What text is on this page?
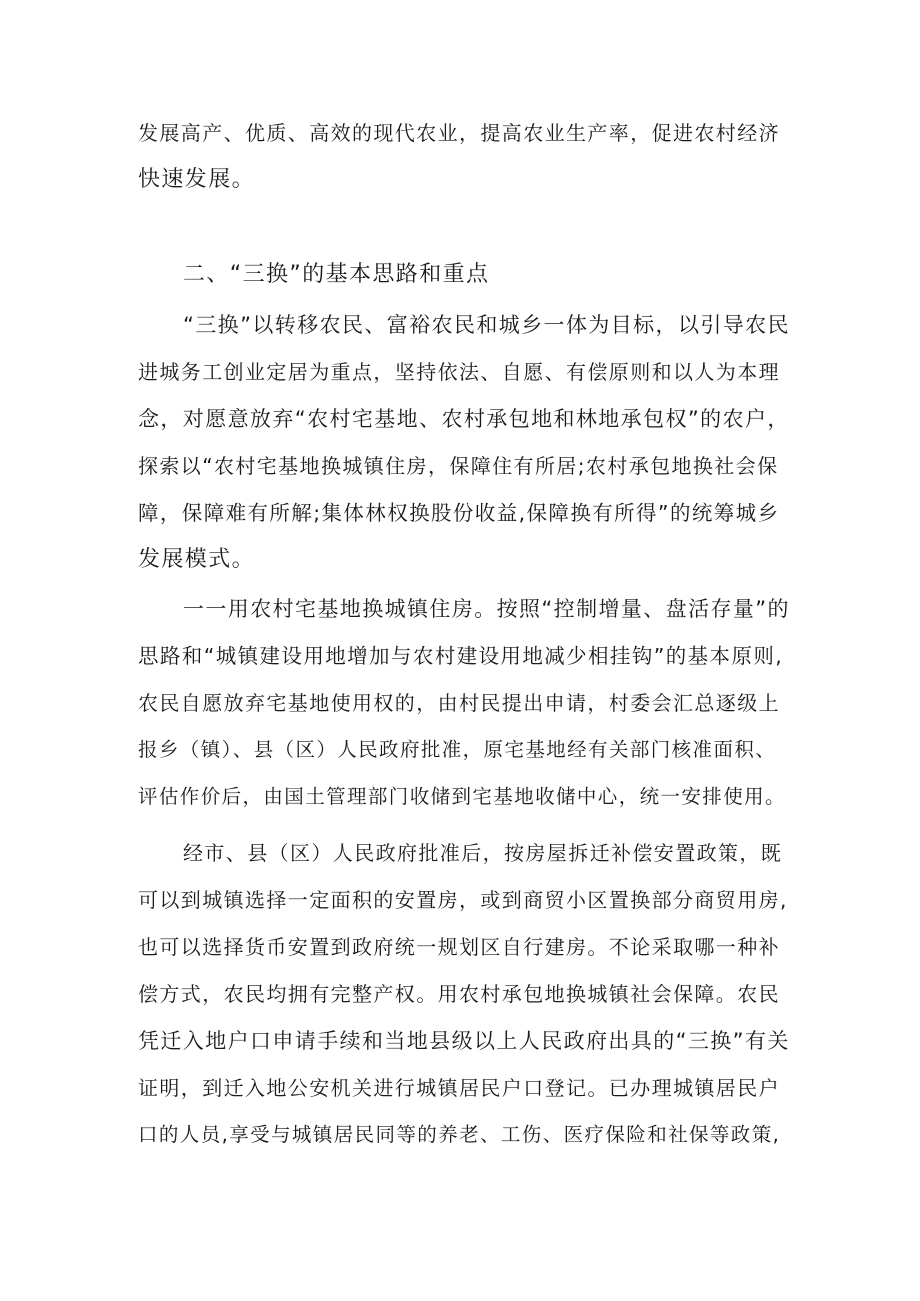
发展高产、优质、高效的现代农业，提高农业生产率，促进农村经济
快速发展。
二、“三换”的基本思路和重点
“三换”以转移农民、富裕农民和城乡一体为目标，以引导农民
进城务工创业定居为重点，坚持依法、自愿、有偿原则和以人为本理
念，对愿意放弃“农村宅基地、农村承包地和林地承包权”的农户，
探索以“农村宅基地换城镇住房，保障住有所居;农村承包地换社会保
障，保障难有所解;集体林权换股份收益,保障换有所得”的统筹城乡
发展模式。
一一用农村宅基地换城镇住房。按照“控制增量、盘活存量”的
思路和“城镇建设用地增加与农村建设用地减少相挂钩”的基本原则,
农民自愿放弃宅基地使用权的，由村民提出申请，村委会汇总逐级上
报乡（镇）、县（区）人民政府批准，原宅基地经有关部门核准面积、
评估作价后，由国土管理部门收储到宅基地收储中心，统一安排使用。
经市、县（区）人民政府批准后，按房屋拆迁补偿安置政策，既
可以到城镇选择一定面积的安置房，或到商贸小区置换部分商贸用房,
也可以选择货币安置到政府统一规划区自行建房。不论采取哪一种补
偿方式，农民均拥有完整产权。用农村承包地换城镇社会保障。农民
凭迁入地户口申请手续和当地县级以上人民政府出具的“三换”有关
证明，到迁入地公安机关进行城镇居民户口登记。已办理城镇居民户
口的人员,享受与城镇居民同等的养老、工伤、医疗保险和社保等政策,
